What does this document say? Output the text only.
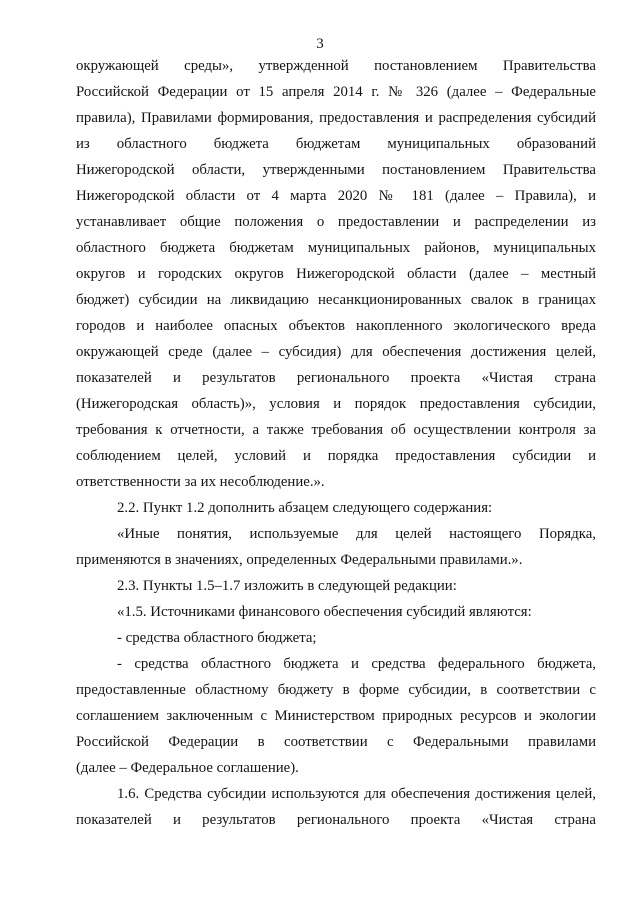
3
окружающей среды», утвержденной постановлением Правительства
Российской Федерации от 15 апреля 2014 г. № 326 (далее – Федеральные
правила), Правилами формирования, предоставления и распределения субсидий
из областного бюджета бюджетам муниципальных образований
Нижегородской области, утвержденными постановлением Правительства
Нижегородской области от 4 марта 2020 № 181 (далее – Правила), и
устанавливает общие положения о предоставлении и распределении из
областного бюджета бюджетам муниципальных районов, муниципальных
округов и городских округов Нижегородской области (далее – местный
бюджет) субсидии на ликвидацию несанкционированных свалок в границах
городов и наиболее опасных объектов накопленного экологического вреда
окружающей среде (далее – субсидия) для обеспечения достижения целей,
показателей и результатов регионального проекта «Чистая страна
(Нижегородская область)», условия и порядок предоставления субсидии,
требования к отчетности, а также требования об осуществлении контроля за
соблюдением целей, условий и порядка предоставления субсидии и
ответственности за их несоблюдение.».
2.2. Пункт 1.2 дополнить абзацем следующего содержания:
«Иные понятия, используемые для целей настоящего Порядка,
применяются в значениях, определенных Федеральными правилами.».
2.3. Пункты 1.5–1.7 изложить в следующей редакции:
«1.5. Источниками финансового обеспечения субсидий являются:
- средства областного бюджета;
- средства областного бюджета и средства федерального бюджета,
предоставленные областному бюджету в форме субсидии, в соответствии с
соглашением заключенным с Министерством природных ресурсов и экологии
Российской Федерации в соответствии с Федеральными правилами
(далее – Федеральное соглашение).
1.6. Средства субсидии используются для обеспечения достижения целей,
показателей и результатов регионального проекта «Чистая страна
